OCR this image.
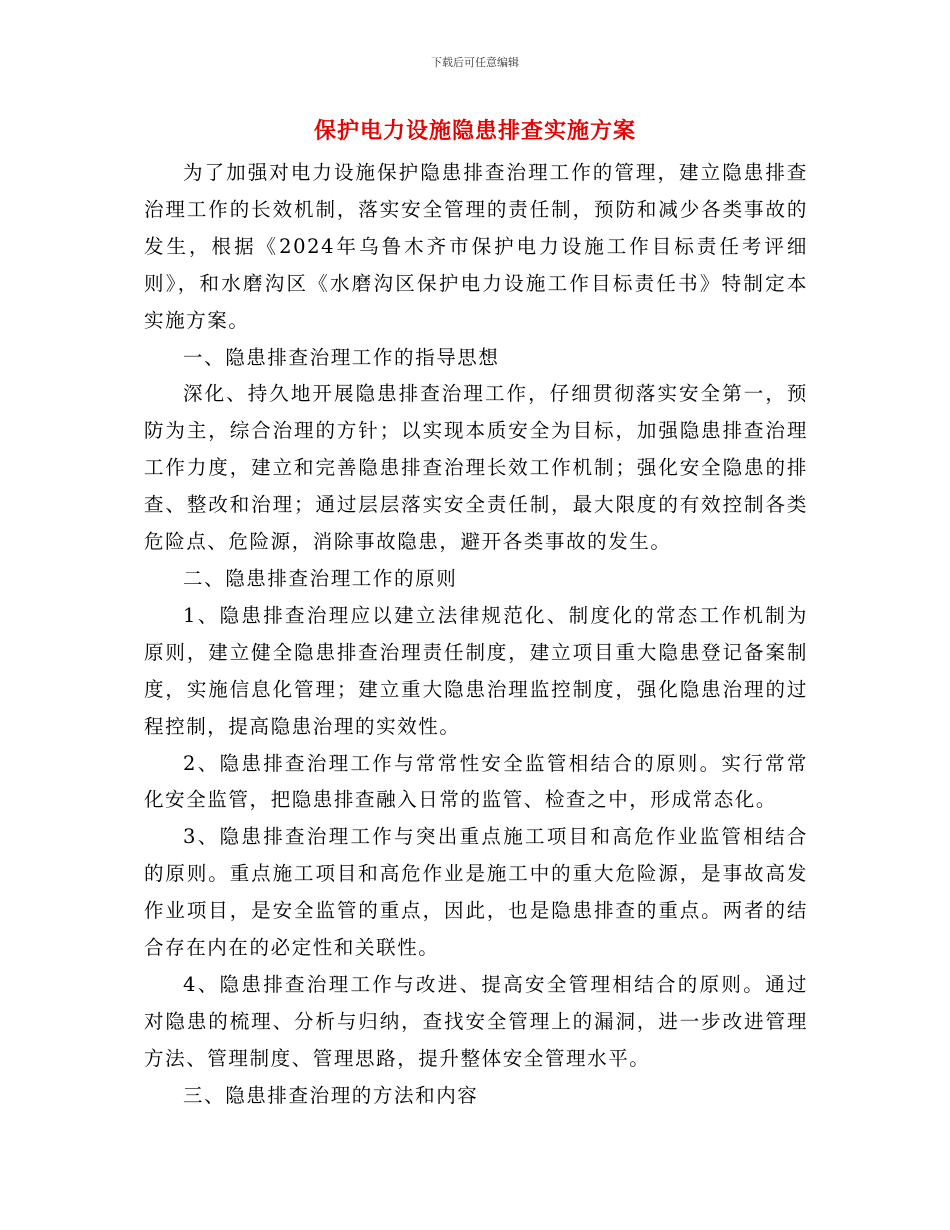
下载后可任意编辑
保护电力设施隐患排查实施方案

为了加强对电力设施保护隐患排查治理工作的管理，建立隐患排查治理工作的长效机制，落实安全管理的责任制，预防和减少各类事故的发生，根据《2024年乌鲁木齐市保护电力设施工作目标责任考评细则》，和水磨沟区《水磨沟区保护电力设施工作目标责任书》特制定本实施方案。

一、隐患排查治理工作的指导思想

深化、持久地开展隐患排查治理工作，仔细贯彻落实安全第一，预防为主，综合治理的方针；以实现本质安全为目标，加强隐患排查治理工作力度，建立和完善隐患排查治理长效工作机制；强化安全隐患的排查、整改和治理；通过层层落实安全责任制，最大限度的有效控制各类危险点、危险源，消除事故隐患，避开各类事故的发生。

二、隐患排查治理工作的原则

1、隐患排查治理应以建立法律规范化、制度化的常态工作机制为原则，建立健全隐患排查治理责任制度，建立项目重大隐患登记备案制度，实施信息化管理；建立重大隐患治理监控制度，强化隐患治理的过程控制，提高隐患治理的实效性。

2、隐患排查治理工作与常常性安全监管相结合的原则。实行常常化安全监管，把隐患排查融入日常的监管、检查之中，形成常态化。

3、隐患排查治理工作与突出重点施工项目和高危作业监管相结合的原则。重点施工项目和高危作业是施工中的重大危险源，是事故高发作业项目，是安全监管的重点，因此，也是隐患排查的重点。两者的结合存在内在的必定性和关联性。

4、隐患排查治理工作与改进、提高安全管理相结合的原则。通过对隐患的梳理、分析与归纳，查找安全管理上的漏洞，进一步改进管理方法、管理制度、管理思路，提升整体安全管理水平。

三、隐患排查治理的方法和内容
